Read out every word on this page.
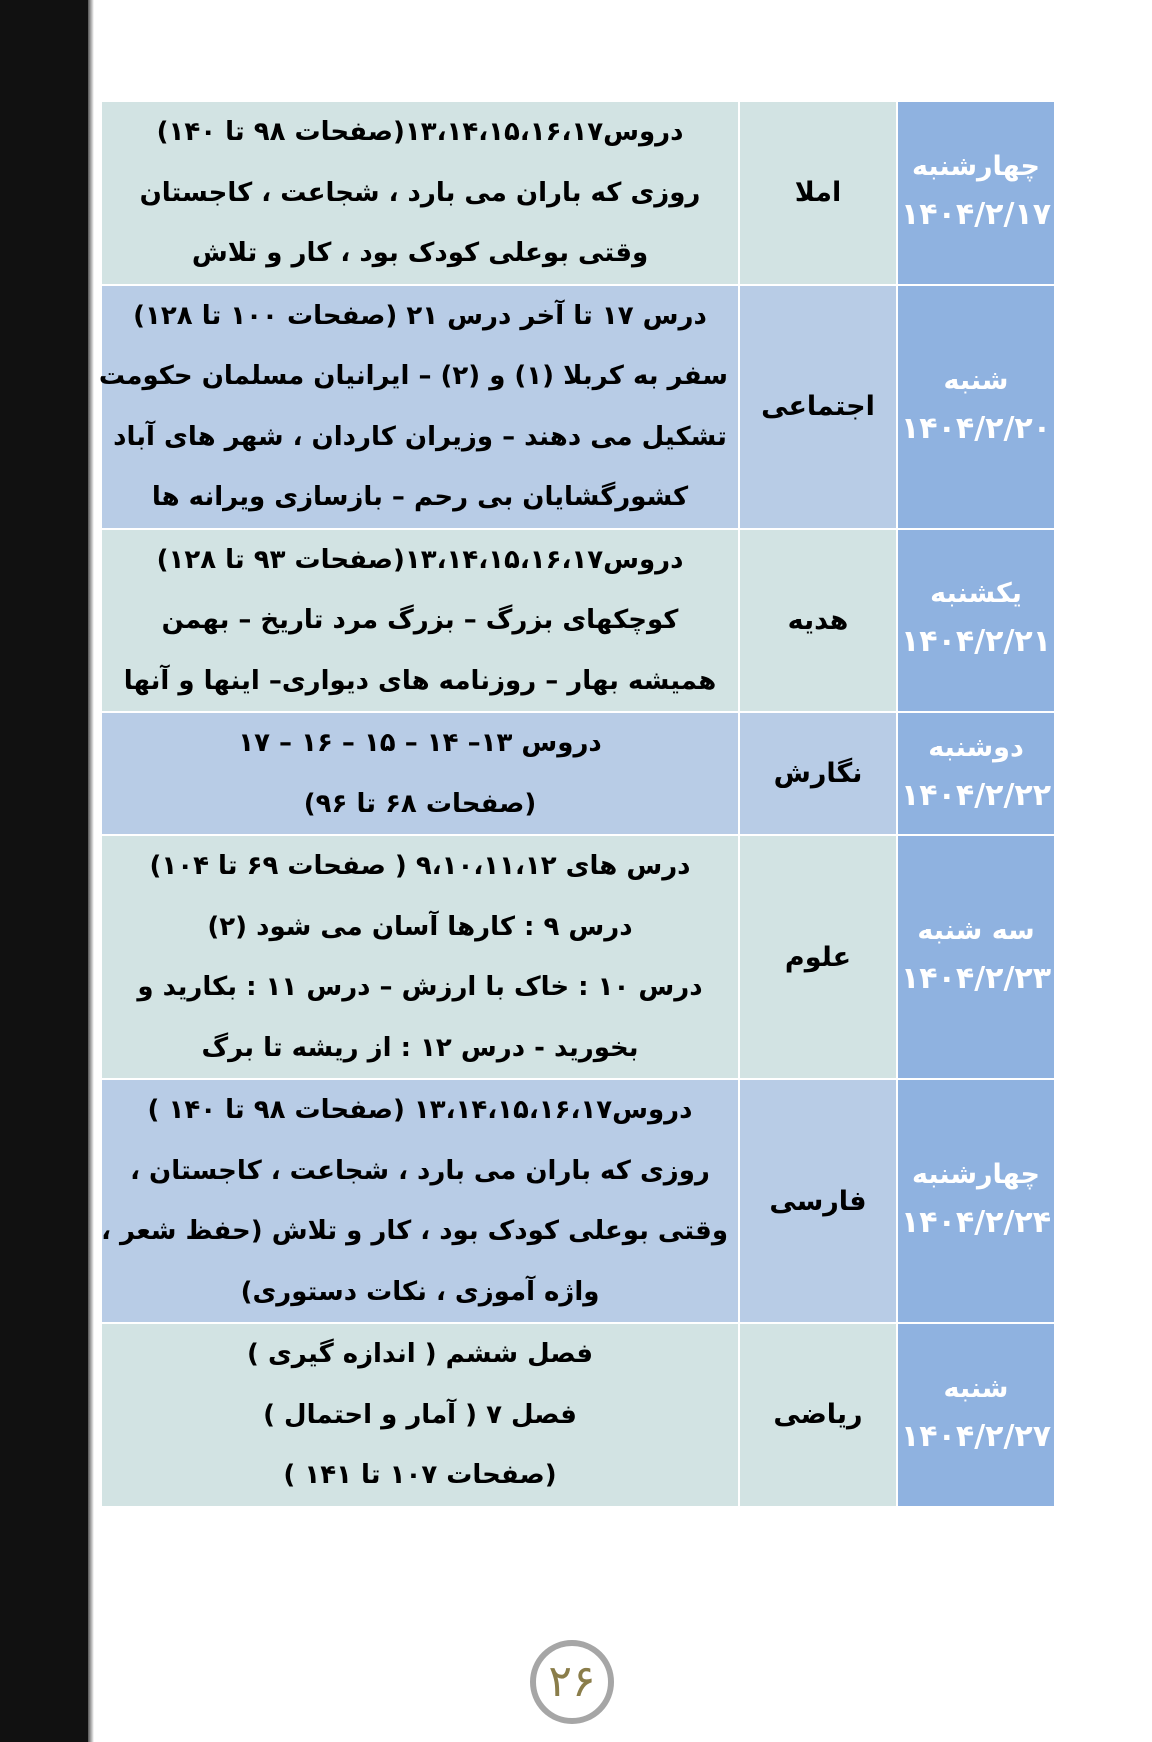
چهارشنبه
۱۴۰۴/۲/۱۷	املا	دروس۱۳،۱۴،۱۵،۱۶،۱۷(صفحات ۹۸ تا ۱۴۰)
روزی که باران می بارد ، شجاعت ، کاجستان
وقتی بوعلی کودک بود ، کار و تلاش

شنبه
۱۴۰۴/۲/۲۰	اجتماعی	درس ۱۷ تا آخر درس ۲۱ (صفحات ۱۰۰ تا ۱۲۸)
سفر به کربلا (۱) و (۲) – ایرانیان مسلمان حکومت
تشکیل می دهند – وزیران کاردان ، شهر های آباد
کشورگشایان بی رحم – بازسازی ویرانه ها

یکشنبه
۱۴۰۴/۲/۲۱	هدیه	دروس۱۳،۱۴،۱۵،۱۶،۱۷(صفحات ۹۳ تا ۱۲۸)
کوچکهای بزرگ – بزرگ مرد تاریخ – بهمن
همیشه بهار – روزنامه های دیواری– اینها و آنها

دوشنبه
۱۴۰۴/۲/۲۲	نگارش	دروس ۱۳– ۱۴ – ۱۵ – ۱۶ – ۱۷
(صفحات ۶۸ تا ۹۶)

سه شنبه
۱۴۰۴/۲/۲۳	علوم	درس های ۹،۱۰،۱۱،۱۲ ( صفحات ۶۹ تا ۱۰۴)
درس ۹ : کارها آسان می شود (۲)
درس ۱۰ : خاک با ارزش – درس ۱۱ : بکارید و
بخورید - درس ۱۲ : از ریشه تا برگ

چهارشنبه
۱۴۰۴/۲/۲۴	فارسی	دروس۱۳،۱۴،۱۵،۱۶،۱۷ (صفحات ۹۸ تا ۱۴۰ )
روزی که باران می بارد ، شجاعت ، کاجستان ،
وقتی بوعلی کودک بود ، کار و تلاش (حفظ شعر ،
واژه آموزی ، نکات دستوری)

شنبه
۱۴۰۴/۲/۲۷	ریاضی	فصل ششم ( اندازه گیری )
فصل ۷ ( آمار و احتمال )
(صفحات ۱۰۷ تا ۱۴۱ )
۲۶
